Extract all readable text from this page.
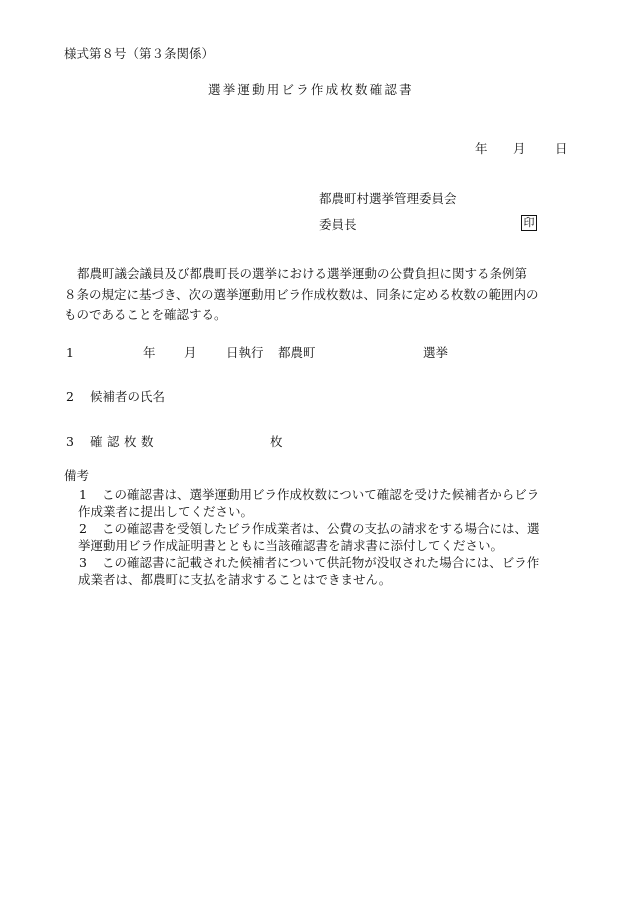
様式第８号（第３条関係）
選挙運動用ビラ作成枚数確認書
年 月 日
都農町村選挙管理委員会
委員長	印

都農町議会議員及び都農町長の選挙における選挙運動の公費負担に関する条例第

８条の規定に基づき、次の選挙運動用ビラ作成枚数は、同条に定める枚数の範囲内の

ものであることを確認する。

1	年 月 日執行 都農町	選挙
2 候補者の氏名
3 確認枚数	枚
備考
1	この確認書は、選挙運動用ビラ作成枚数について確認を受けた候補者からビラ
作成業者に提出してください。
2	この確認書を受領したビラ作成業者は、公費の支払の請求をする場合には、選
挙運動用ビラ作成証明書とともに当該確認書を請求書に添付してください。
3	この確認書に記載された候補者について供託物が没収された場合には、ビラ作
成業者は、都農町に支払を請求することはできません。
